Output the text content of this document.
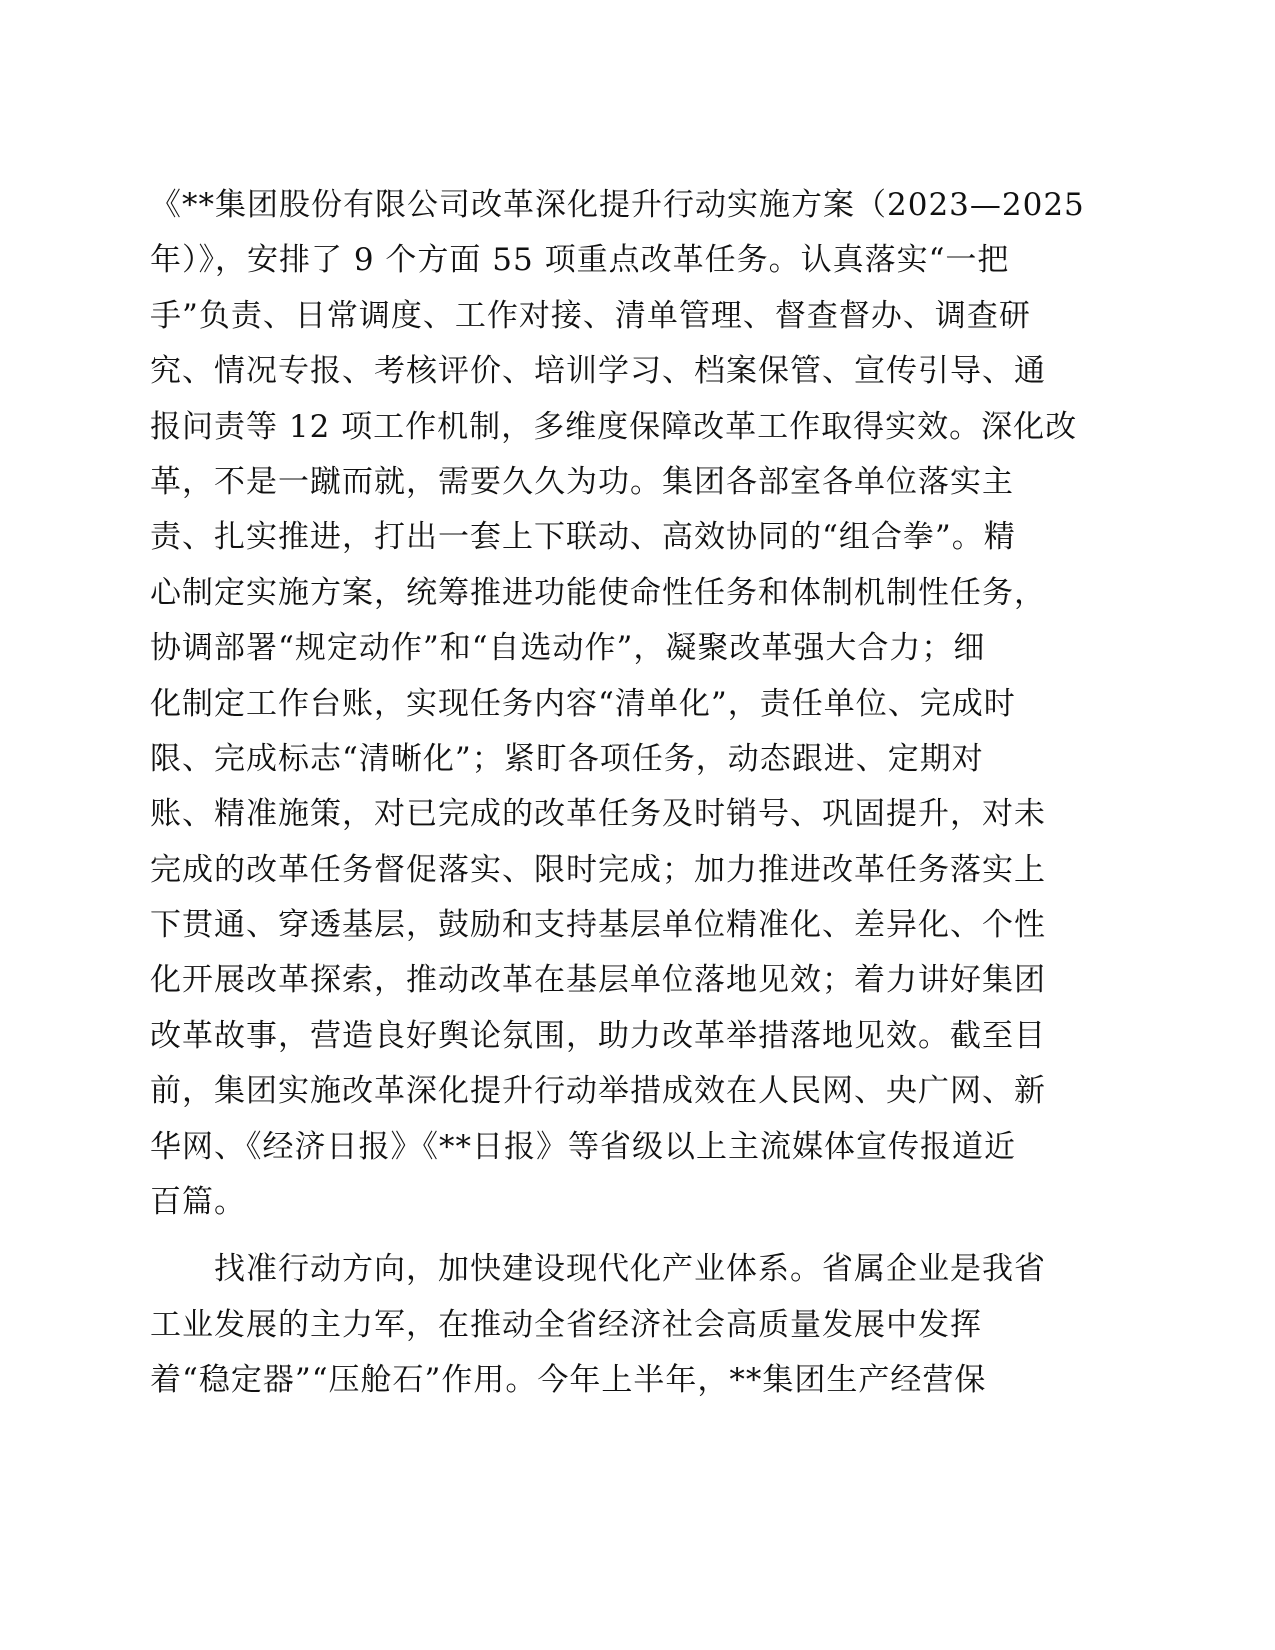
《**集团股份有限公司改革深化提升行动实施方案（2023—2025
年）》，安排了 9 个方面 55 项重点改革任务。认真落实“一把
手”负责、日常调度、工作对接、清单管理、督查督办、调查研
究、情况专报、考核评价、培训学习、档案保管、宣传引导、通
报问责等 12 项工作机制，多维度保障改革工作取得实效。深化改
革，不是一蹴而就，需要久久为功。集团各部室各单位落实主
责、扎实推进，打出一套上下联动、高效协同的“组合拳”。精
心制定实施方案，统筹推进功能使命性任务和体制机制性任务，
协调部署“规定动作”和“自选动作”，凝聚改革强大合力；细
化制定工作台账，实现任务内容“清单化”，责任单位、完成时
限、完成标志“清晰化”；紧盯各项任务，动态跟进、定期对
账、精准施策，对已完成的改革任务及时销号、巩固提升，对未
完成的改革任务督促落实、限时完成；加力推进改革任务落实上
下贯通、穿透基层，鼓励和支持基层单位精准化、差异化、个性
化开展改革探索，推动改革在基层单位落地见效；着力讲好集团
改革故事，营造良好舆论氛围，助力改革举措落地见效。截至目
前，集团实施改革深化提升行动举措成效在人民网、央广网、新
华网、《经济日报》《**日报》等省级以上主流媒体宣传报道近
百篇。
　　找准行动方向，加快建设现代化产业体系。省属企业是我省
工业发展的主力军，在推动全省经济社会高质量发展中发挥
着“稳定器”“压舱石”作用。今年上半年，**集团生产经营保
